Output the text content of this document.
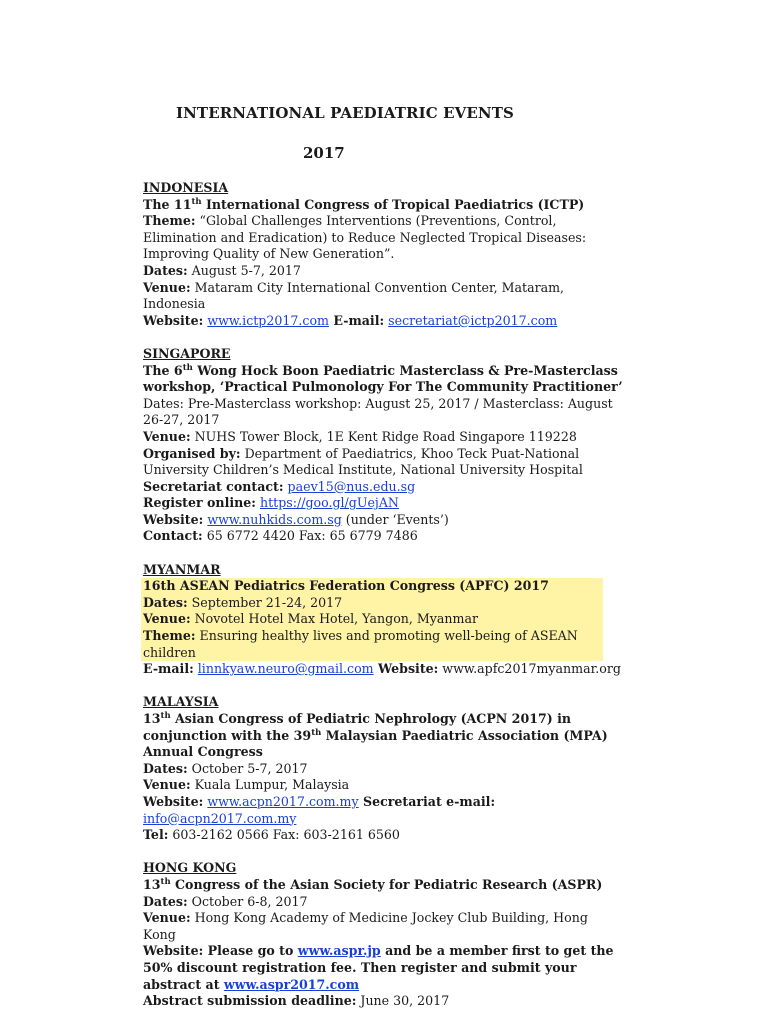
INTERNATIONAL PAEDIATRIC EVENTS
2017

INDONESIA

The 11th International Congress of Tropical Paediatrics (ICTP)

Theme: “Global Challenges Interventions (Preventions, Control, Elimination and Eradication) to Reduce Neglected Tropical Diseases: Improving Quality of New Generation”.

Dates: August 5-7, 2017

Venue: Mataram City International Convention Center, Mataram, Indonesia

Website: www.ictp2017.com E-mail: secretariat@ictp2017.com

SINGAPORE

The 6th Wong Hock Boon Paediatric Masterclass & Pre-Masterclass workshop, ‘Practical Pulmonology For The Community Practitioner’

Dates: Pre-Masterclass workshop: August 25, 2017 / Masterclass: August 26-27, 2017

Venue: NUHS Tower Block, 1E Kent Ridge Road Singapore 119228

Organised by: Department of Paediatrics, Khoo Teck Puat-National University Children’s Medical Institute, National University Hospital

Secretariat contact: paev15@nus.edu.sg

Register online: https://goo.gl/gUejAN

Website: www.nuhkids.com.sg (under ‘Events’)

Contact: 65 6772 4420 Fax: 65 6779 7486

MYANMAR

16th ASEAN Pediatrics Federation Congress (APFC) 2017

Dates: September 21-24, 2017

Venue: Novotel Hotel Max Hotel, Yangon, Myanmar

Theme: Ensuring healthy lives and promoting well-being of ASEAN children

E-mail: linnkyaw.neuro@gmail.com Website: www.apfc2017myanmar.org

MALAYSIA

13th Asian Congress of Pediatric Nephrology (ACPN 2017) in conjunction with the 39th Malaysian Paediatric Association (MPA) Annual Congress

Dates: October 5-7, 2017

Venue: Kuala Lumpur, Malaysia

Website: www.acpn2017.com.my Secretariat e-mail: info@acpn2017.com.my

Tel: 603-2162 0566 Fax: 603-2161 6560

HONG KONG

13th Congress of the Asian Society for Pediatric Research (ASPR)

Dates: October 6-8, 2017

Venue: Hong Kong Academy of Medicine Jockey Club Building, Hong Kong

Website: Please go to www.aspr.jp and be a member first to get the 50% discount registration fee. Then register and submit your abstract at www.aspr2017.com

Abstract submission deadline: June 30, 2017
